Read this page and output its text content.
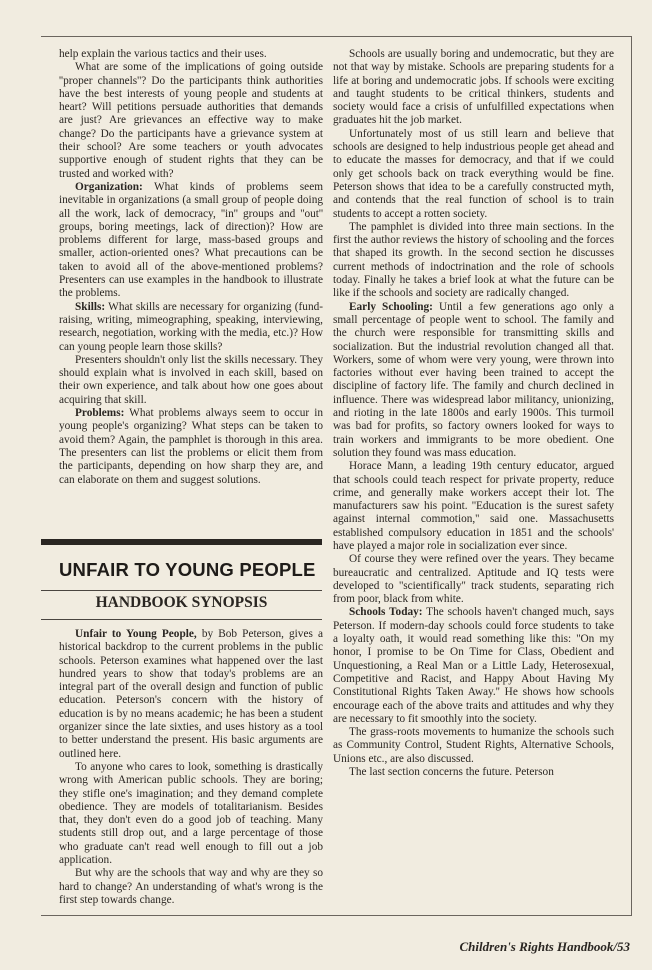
help explain the various tactics and their uses.

What are some of the implications of going outside ''proper channels''? Do the participants think authorities have the best interests of young people and students at heart? Will petitions persuade authorities that demands are just? Are grievances an effective way to make change? Do the participants have a grievance system at their school? Are some teachers or youth advocates supportive enough of student rights that they can be trusted and worked with?

Organization: What kinds of problems seem inevitable in organizations (a small group of people doing all the work, lack of democracy, ''in'' groups and ''out'' groups, boring meetings, lack of direction)? How are problems different for large, mass-based groups and smaller, action-oriented ones? What precautions can be taken to avoid all of the above-mentioned problems? Presenters can use examples in the handbook to illustrate the problems.

Skills: What skills are necessary for organizing (fund-raising, writing, mimeographing, speaking, interviewing, research, negotiation, working with the media, etc.)? How can young people learn those skills?

Presenters shouldn't only list the skills necessary. They should explain what is involved in each skill, based on their own experience, and talk about how one goes about acquiring that skill.

Problems: What problems always seem to occur in young people's organizing? What steps can be taken to avoid them? Again, the pamphlet is thorough in this area. The presenters can list the problems or elicit them from the participants, depending on how sharp they are, and can elaborate on them and suggest solutions.

UNFAIR TO YOUNG PEOPLE
HANDBOOK SYNOPSIS

Unfair to Young People, by Bob Peterson, gives a historical backdrop to the current problems in the public schools. Peterson examines what happened over the last hundred years to show that today's problems are an integral part of the overall design and function of public education. Peterson's concern with the history of education is by no means academic; he has been a student organizer since the late sixties, and uses history as a tool to better understand the present. His basic arguments are outlined here.

To anyone who cares to look, something is drastically wrong with American public schools. They are boring; they stifle one's imagination; and they demand complete obedience. They are models of totalitarianism. Besides that, they don't even do a good job of teaching. Many students still drop out, and a large percentage of those who graduate can't read well enough to fill out a job application.

But why are the schools that way and why are they so hard to change? An understanding of what's wrong is the first step towards change.

Schools are usually boring and undemocratic, but they are not that way by mistake. Schools are preparing students for a life at boring and undemocratic jobs. If schools were exciting and taught students to be critical thinkers, students and society would face a crisis of unfulfilled expectations when graduates hit the job market.

Unfortunately most of us still learn and believe that schools are designed to help industrious people get ahead and to educate the masses for democracy, and that if we could only get schools back on track everything would be fine. Peterson shows that idea to be a carefully constructed myth, and contends that the real function of school is to train students to accept a rotten society.

The pamphlet is divided into three main sections. In the first the author reviews the history of schooling and the forces that shaped its growth. In the second section he discusses current methods of indoctrination and the role of schools today. Finally he takes a brief look at what the future can be like if the schools and society are radically changed.

Early Schooling: Until a few generations ago only a small percentage of people went to school. The family and the church were responsible for transmitting skills and socialization. But the industrial revolution changed all that. Workers, some of whom were very young, were thrown into factories without ever having been trained to accept the discipline of factory life. The family and church declined in influence. There was widespread labor militancy, unionizing, and rioting in the late 1800s and early 1900s. This turmoil was bad for profits, so factory owners looked for ways to train workers and immigrants to be more obedient. One solution they found was mass education.

Horace Mann, a leading 19th century educator, argued that schools could teach respect for private property, reduce crime, and generally make workers accept their lot. The manufacturers saw his point. ''Education is the surest safety against internal commotion,'' said one. Massachusetts established compulsory education in 1851 and the schools' have played a major role in socialization ever since.

Of course they were refined over the years. They became bureaucratic and centralized. Aptitude and IQ tests were developed to ''scientifically'' track students, separating rich from poor, black from white.

Schools Today: The schools haven't changed much, says Peterson. If modern-day schools could force students to take a loyalty oath, it would read something like this: ''On my honor, I promise to be On Time for Class, Obedient and Unquestioning, a Real Man or a Little Lady, Heterosexual, Competitive and Racist, and Happy About Having My Constitutional Rights Taken Away.'' He shows how schools encourage each of the above traits and attitudes and why they are necessary to fit smoothly into the society.

The grass-roots movements to humanize the schools such as Community Control, Student Rights, Alternative Schools, Unions etc., are also discussed.

The last section concerns the future. Peterson

Children's Rights Handbook/53
